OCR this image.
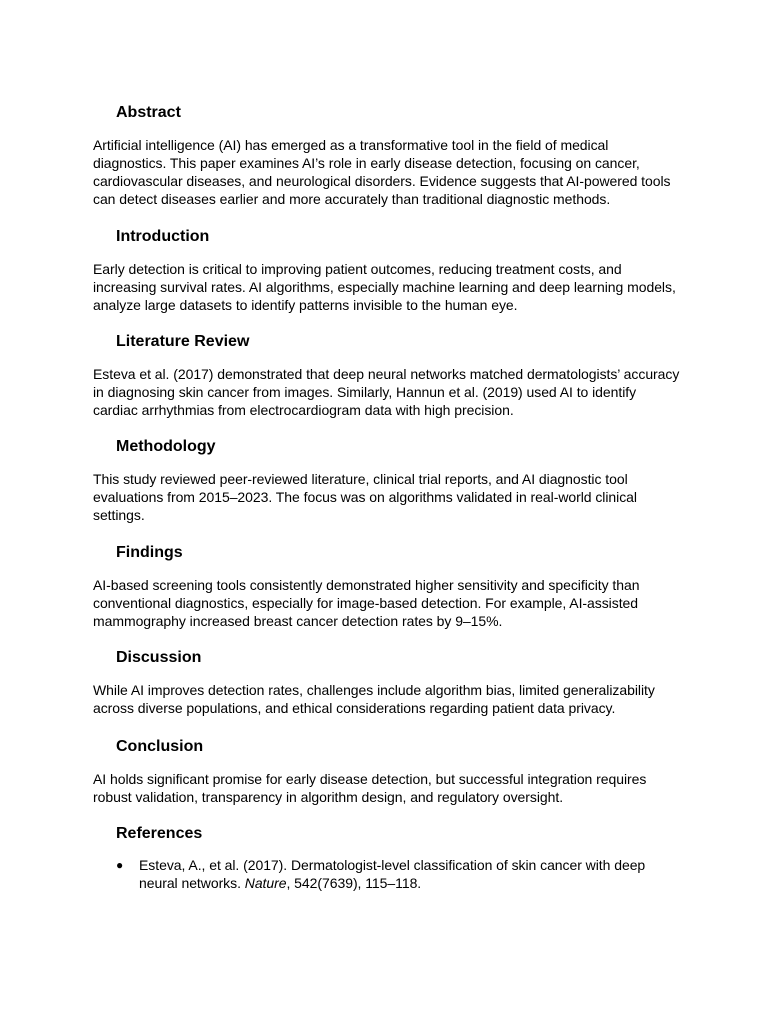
Abstract

Artificial intelligence (AI) has emerged as a transformative tool in the field of medical diagnostics. This paper examines AI’s role in early disease detection, focusing on cancer, cardiovascular diseases, and neurological disorders. Evidence suggests that AI-powered tools can detect diseases earlier and more accurately than traditional diagnostic methods.

Introduction

Early detection is critical to improving patient outcomes, reducing treatment costs, and increasing survival rates. AI algorithms, especially machine learning and deep learning models, analyze large datasets to identify patterns invisible to the human eye.

Literature Review

Esteva et al. (2017) demonstrated that deep neural networks matched dermatologists’ accuracy in diagnosing skin cancer from images. Similarly, Hannun et al. (2019) used AI to identify cardiac arrhythmias from electrocardiogram data with high precision.

Methodology

This study reviewed peer-reviewed literature, clinical trial reports, and AI diagnostic tool evaluations from 2015–2023. The focus was on algorithms validated in real-world clinical settings.

Findings

AI-based screening tools consistently demonstrated higher sensitivity and specificity than conventional diagnostics, especially for image-based detection. For example, AI-assisted mammography increased breast cancer detection rates by 9–15%.

Discussion

While AI improves detection rates, challenges include algorithm bias, limited generalizability across diverse populations, and ethical considerations regarding patient data privacy.

Conclusion

AI holds significant promise for early disease detection, but successful integration requires robust validation, transparency in algorithm design, and regulatory oversight.

References
● Esteva, A., et al. (2017). Dermatologist-level classification of skin cancer with deep neural networks. Nature, 542(7639), 115–118.
